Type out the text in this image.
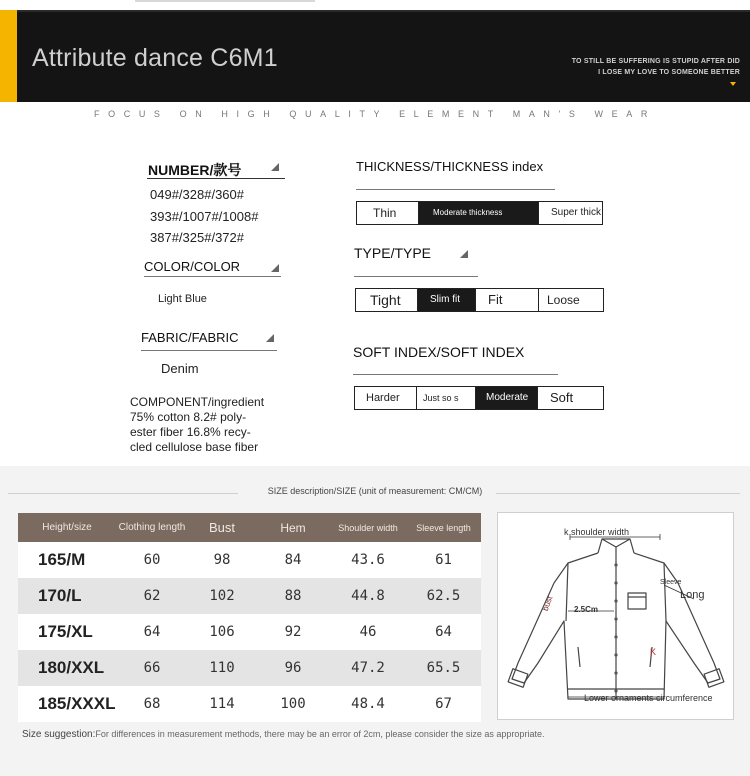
Attribute dance C6M1	TO STILL BE SUFFERING IS STUPID AFTER DID
I LOSE MY LOVE TO SOMEONE BETTER
FOCUS ON HIGH QUALITY ELEMENT MAN'S WEAR
NUMBER/款号
049#/328#/360#
393#/1007#/1008#
387#/325#/372#
COLOR/COLOR
Light Blue
FABRIC/FABRIC
Denim
COMPONENT/ingredient
75% cotton 8.2# poly-
ester fiber 16.8% recy-
cled cellulose base fiber
THICKNESS/THICKNESS index
Thin	Moderate thickness	Super thick
TYPE/TYPE
Tight	Slim fit	Fit	Loose
SOFT INDEX/SOFT INDEX
Harder	Just so s	Moderate	Soft
SIZE description/SIZE (unit of measurement: CM/CM)
Height/size	Clothing length	Bust	Hem	Shoulder width	Sleeve length
165/M	60	98	84	43.6	61
170/L	62	102	88	44.8	62.5
175/XL	64	106	92	46	64
180/XXL	66	110	96	47.2	65.5
185/XXXL	68	114	100	48.4	67
k shoulder width
Sleeve
Long
bust 2.5Cm
K
Lower ornaments circumference
Size suggestion:For differences in measurement methods, there may be an error of 2cm, please consider the size as appropriate.
